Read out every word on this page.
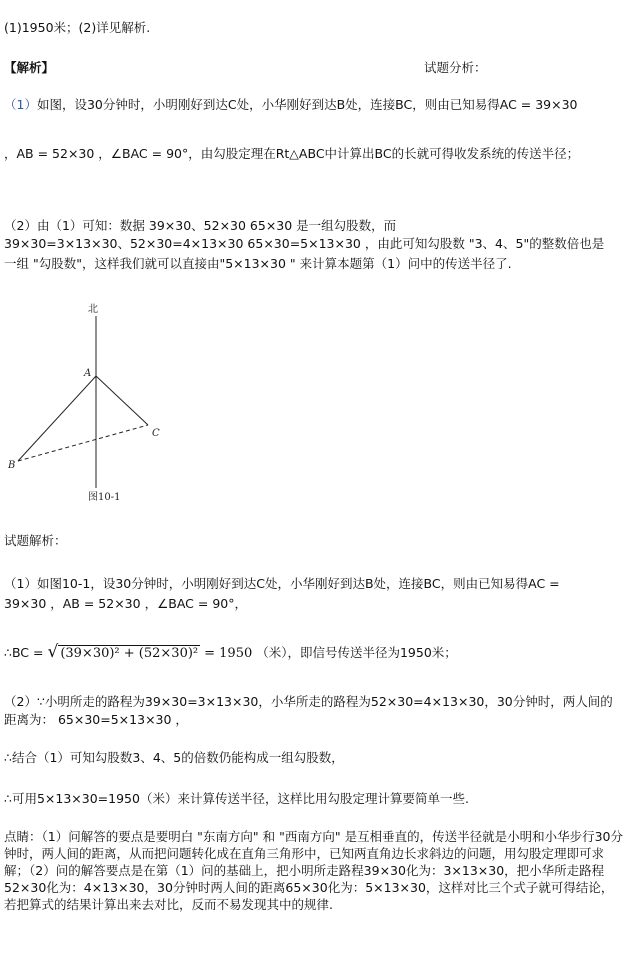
(1)1950米；(2)详见解析.
【解析】	试题分析：
（1）如图，设30分钟时，小明刚好到达C处，小华刚好到达B处，连接BC，则由已知易得AC = 39×30
，AB = 52×30 ，∠BAC = 90°，由勾股定理在Rt△ABC中计算出BC的长就可得收发系统的传送半径；
（2）由（1）可知：数据 39×30、52×30 65×30 是一组勾股数，而
39×30=3×13×30、52×30=4×13×30 65×30=5×13×30 ，由此可知勾股数 "3、4、5"的整数倍也是
一组 "勾股数"，这样我们就可以直接由"5×13×30 " 来计算本题第（1）问中的传送半径了.
北
A
B
C
图10-1
试题解析：
（1）如图10-1，设30分钟时，小明刚好到达C处，小华刚好到达B处，连接BC，则由已知易得AC =
39×30 ，AB = 52×30 ，∠BAC = 90°，
∴BC = √ (39×30)² + (52×30)² = 1950 （米），即信号传送半径为1950米；
（2）∵小明所走的路程为39×30=3×13×30，小华所走的路程为52×30=4×13×30，30分钟时，两人间的
距离为： 65×30=5×13×30 ，
∴结合（1）可知勾股数3、4、5的倍数仍能构成一组勾股数，
∴可用5×13×30=1950（米）来计算传送半径，这样比用勾股定理计算要简单一些.
点睛：（1）问解答的要点是要明白 "东南方向" 和 "西南方向" 是互相垂直的，传送半径就是小明和小华步行30分钟时，两人间的距离，从而把问题转化成在直角三角形中，已知两直角边长求斜边的问题，用勾股定理即可求解；（2）问的解答要点是在第（1）问的基础上，把小明所走路程39×30化为：3×13×30，把小华所走路程52×30化为：4×13×30，30分钟时两人间的距离65×30化为：5×13×30，这样对比三个式子就可得结论，若把算式的结果计算出来去对比，反而不易发现其中的规律.
